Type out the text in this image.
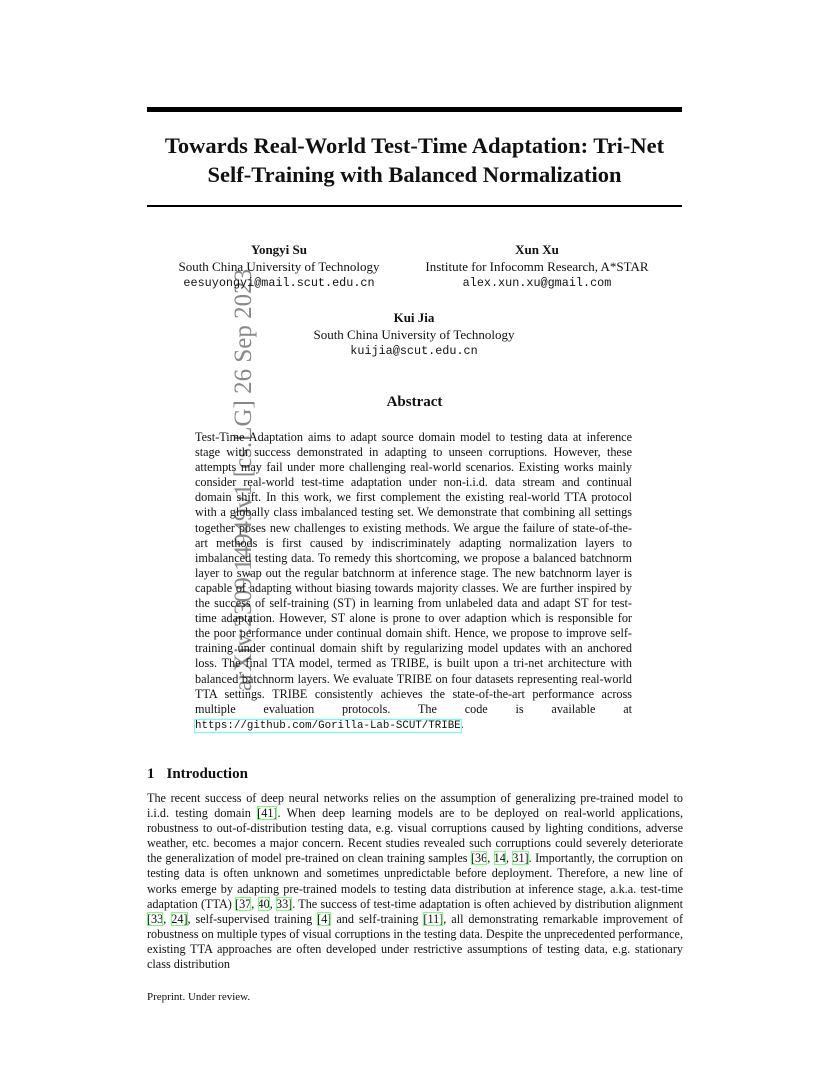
arXiv:2309.14949v1 [cs.LG] 26 Sep 2023
Towards Real-World Test-Time Adaptation: Tri-Net
Self-Training with Balanced Normalization
Yongyi Su
South China University of Technology
eesuyongyi@mail.scut.edu.cn
Xun Xu
Institute for Infocomm Research, A*STAR
alex.xun.xu@gmail.com
Kui Jia
South China University of Technology
kuijia@scut.edu.cn
Abstract
Test-Time Adaptation aims to adapt source domain model to testing data at inference stage with success demonstrated in adapting to unseen corruptions. However, these attempts may fail under more challenging real-world scenarios. Existing works mainly consider real-world test-time adaptation under non-i.i.d. data stream and continual domain shift. In this work, we first complement the existing real-world TTA protocol with a globally class imbalanced testing set. We demonstrate that combining all settings together poses new challenges to existing methods. We argue the failure of state-of-the-art methods is first caused by indiscriminately adapting normalization layers to imbalanced testing data. To remedy this shortcoming, we propose a balanced batchnorm layer to swap out the regular batchnorm at inference stage. The new batchnorm layer is capable of adapting without biasing towards majority classes. We are further inspired by the success of self-training (ST) in learning from unlabeled data and adapt ST for test-time adaptation. However, ST alone is prone to over adaption which is responsible for the poor performance under continual domain shift. Hence, we propose to improve self-training under continual domain shift by regularizing model updates with an anchored loss. The final TTA model, termed as TRIBE, is built upon a tri-net architecture with balanced batchnorm layers. We evaluate TRIBE on four datasets representing real-world TTA settings. TRIBE consistently achieves the state-of-the-art performance across multiple evaluation protocols. The code is available at https://github.com/Gorilla-Lab-SCUT/TRIBE.
1 Introduction
The recent success of deep neural networks relies on the assumption of generalizing pre-trained model to i.i.d. testing domain [41]. When deep learning models are to be deployed on real-world applications, robustness to out-of-distribution testing data, e.g. visual corruptions caused by lighting conditions, adverse weather, etc. becomes a major concern. Recent studies revealed such corruptions could severely deteriorate the generalization of model pre-trained on clean training samples [36, 14, 31]. Importantly, the corruption on testing data is often unknown and sometimes unpredictable before deployment. Therefore, a new line of works emerge by adapting pre-trained models to testing data distribution at inference stage, a.k.a. test-time adaptation (TTA) [37, 40, 33]. The success of test-time adaptation is often achieved by distribution alignment [33, 24], self-supervised training [4] and self-training [11], all demonstrating remarkable improvement of robustness on multiple types of visual corruptions in the testing data. Despite the unprecedented performance, existing TTA approaches are often developed under restrictive assumptions of testing data, e.g. stationary class distribution
Preprint. Under review.
